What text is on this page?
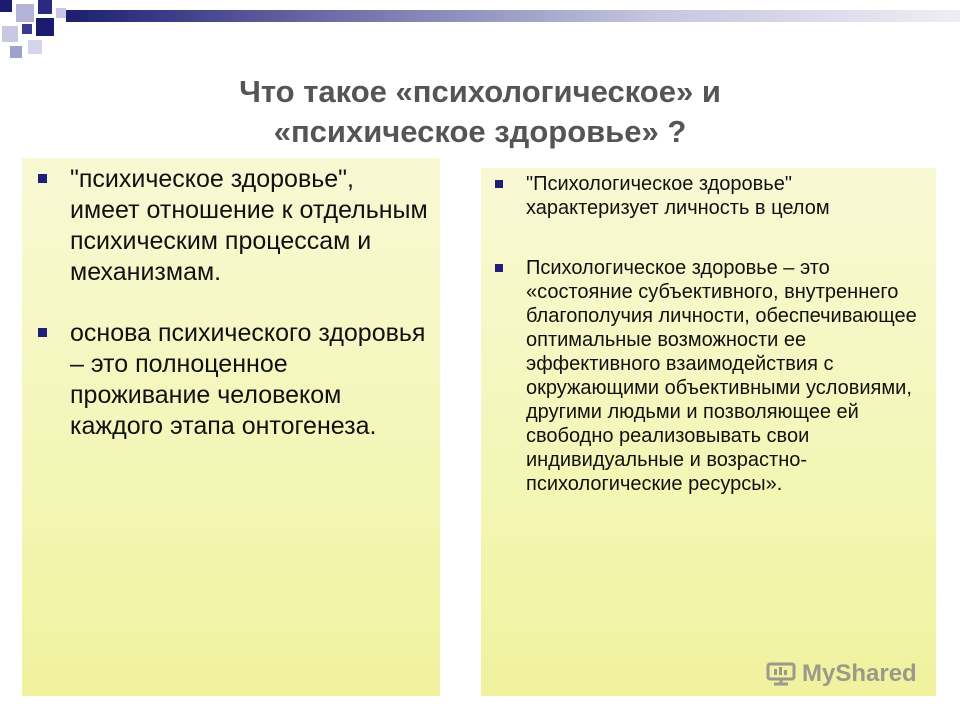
Что такое «психологическое» и
«психическое здоровье» ?
"психическое здоровье", имеет отношение к отдельным психическим процессам и механизмам.
основа психического здоровья – это полноценное проживание человеком каждого этапа онтогенеза.
"Психологическое здоровье" характеризует личность в целом
Психологическое здоровье – это «состояние субъективного, внутреннего благополучия личности, обеспечивающее оптимальные возможности ее эффективного взаимодействия с окружающими объективными условиями, другими людьми и позволяющее ей свободно реализовывать свои индивидуальные и возрастно-психологические ресурсы».
MyShared
